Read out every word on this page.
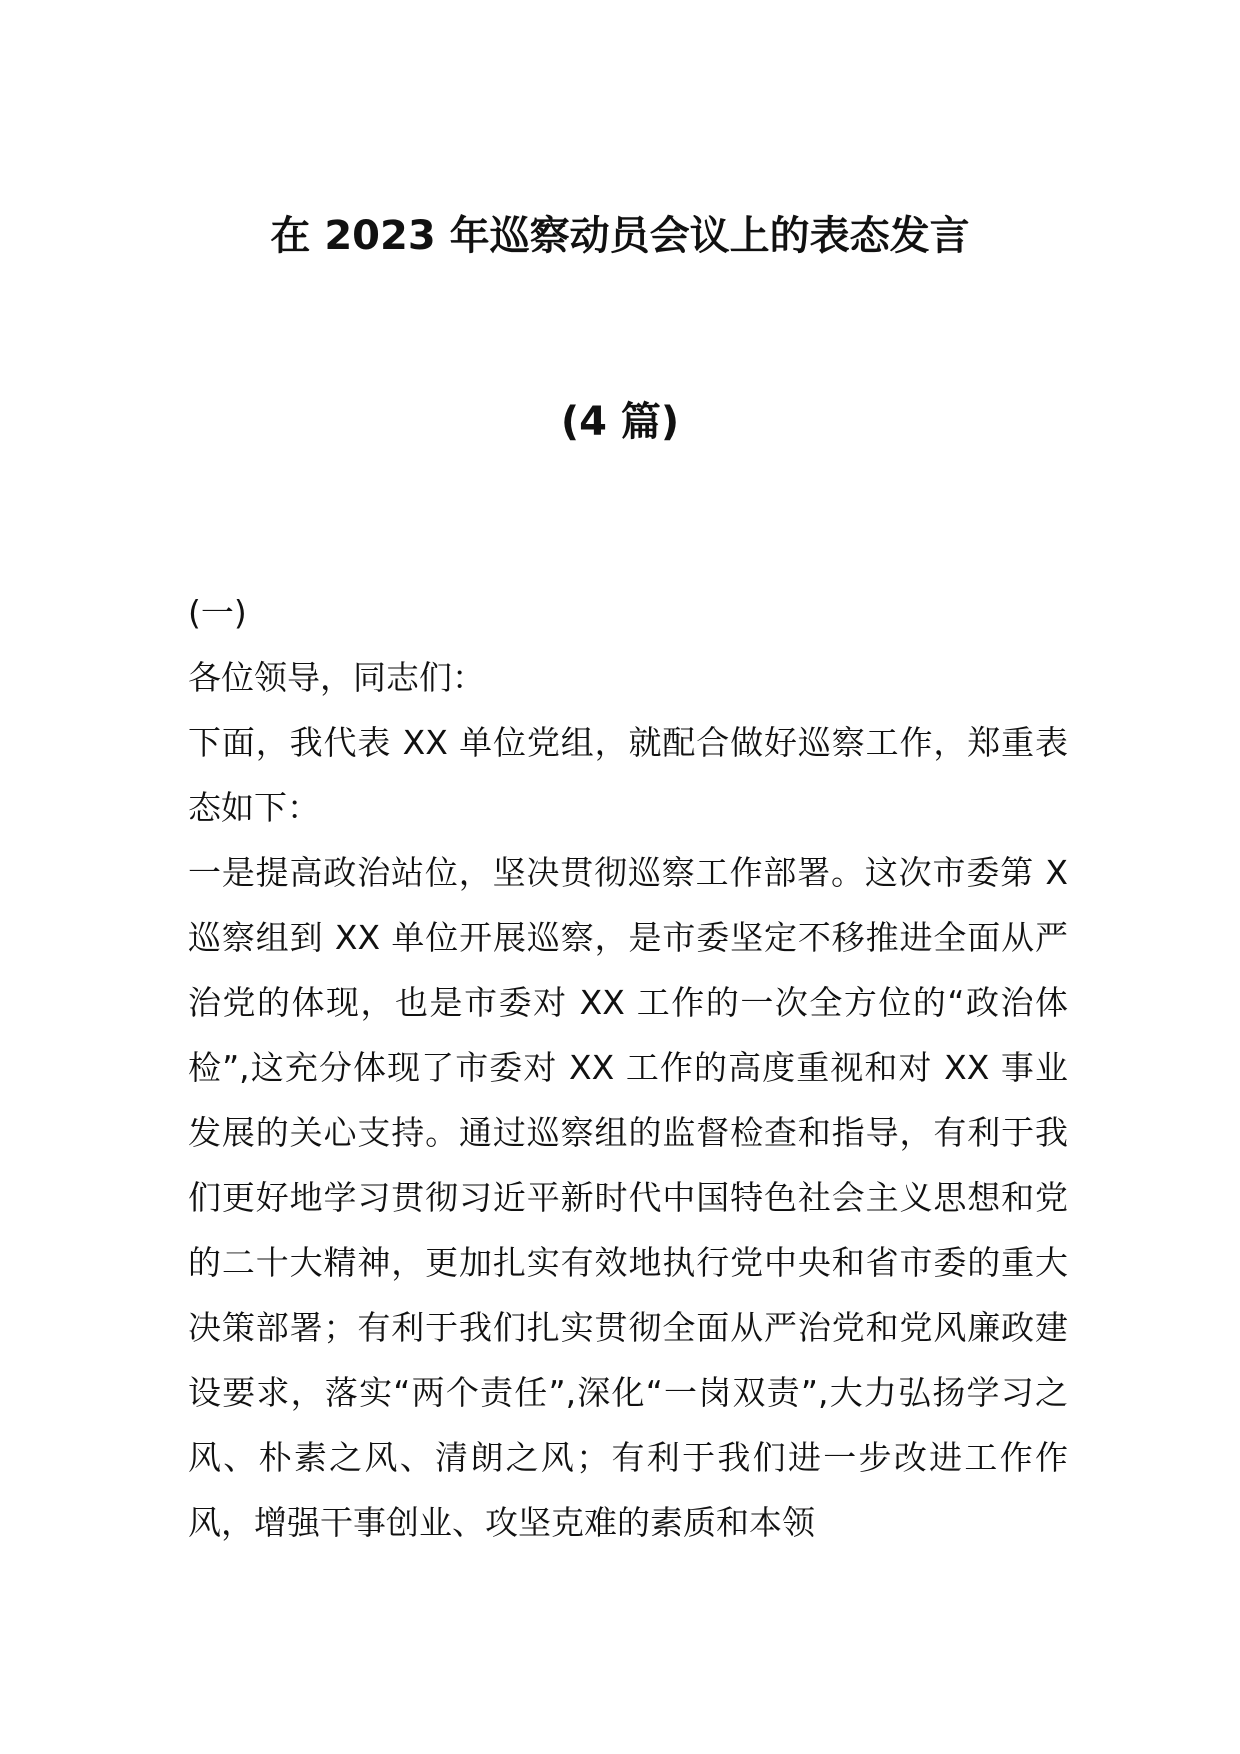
在 2023 年巡察动员会议上的表态发言
(4 篇)

(一)

各位领导，同志们：

下面，我代表 XX 单位党组，就配合做好巡察工作，郑重表态如下：

一是提高政治站位，坚决贯彻巡察工作部署。这次市委第 X 巡察组到 XX 单位开展巡察，是市委坚定不移推进全面从严治党的体现，也是市委对 XX 工作的一次全方位的“政治体检”,这充分体现了市委对 XX 工作的高度重视和对 XX 事业发展的关心支持。通过巡察组的监督检查和指导，有利于我们更好地学习贯彻习近平新时代中国特色社会主义思想和党的二十大精神，更加扎实有效地执行党中央和省市委的重大决策部署；有利于我们扎实贯彻全面从严治党和党风廉政建设要求，落实“两个责任”,深化“一岗双责”,大力弘扬学习之风、朴素之风、清朗之风；有利于我们进一步改进工作作风，增强干事创业、攻坚克难的素质和本领
